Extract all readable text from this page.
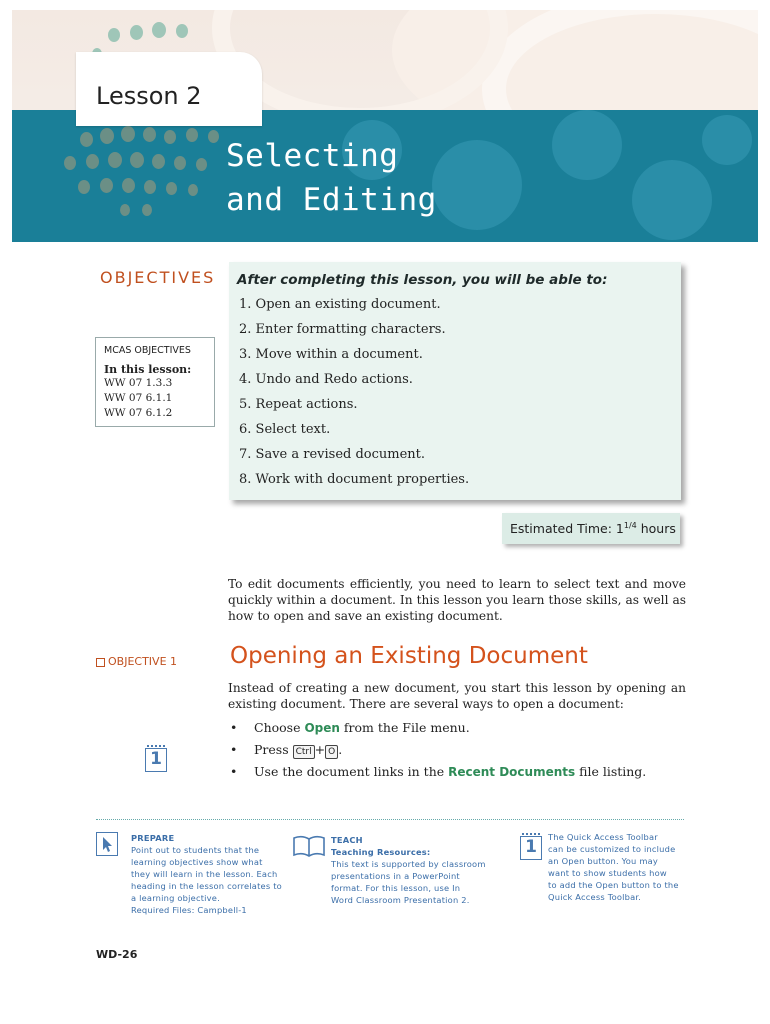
Lesson 2
Selecting
and Editing
OBJECTIVES After completing this lesson, you will be able to:
1. Open an existing document.
2. Enter formatting characters.
3. Move within a document.
4. Undo and Redo actions.
5. Repeat actions.
6. Select text.
7. Save a revised document.
8. Work with document properties.
MCAS OBJECTIVES
In this lesson:
WW 07 1.3.3
WW 07 6.1.1
WW 07 6.1.2
Estimated Time: $1^{1/4}$ hours
To edit documents efficiently, you need to learn to select text and move quickly within a document. In this lesson you learn those skills, as well as how to open and save an existing document.
OBJECTIVE 1 Opening an Existing Document
Instead of creating a new document, you start this lesson by opening an existing document. There are several ways to open a document:
• Choose Open from the File menu.
• Press Ctrl + O .
• Use the document links in the Recent Documents file listing.
1
PREPARE
Point out to students that the
learning objectives show what
they will learn in the lesson. Each
heading in the lesson correlates to
a learning objective.
Required Files: Campbell-1
TEACH
Teaching Resources:
This text is supported by classroom
presentations in a PowerPoint
format. For this lesson, use In
Word Classroom Presentation 2.
1	The Quick Access Toolbar
can be customized to include
an Open button. You may
want to show students how
to add the Open button to the
Quick Access Toolbar.
WD-26
